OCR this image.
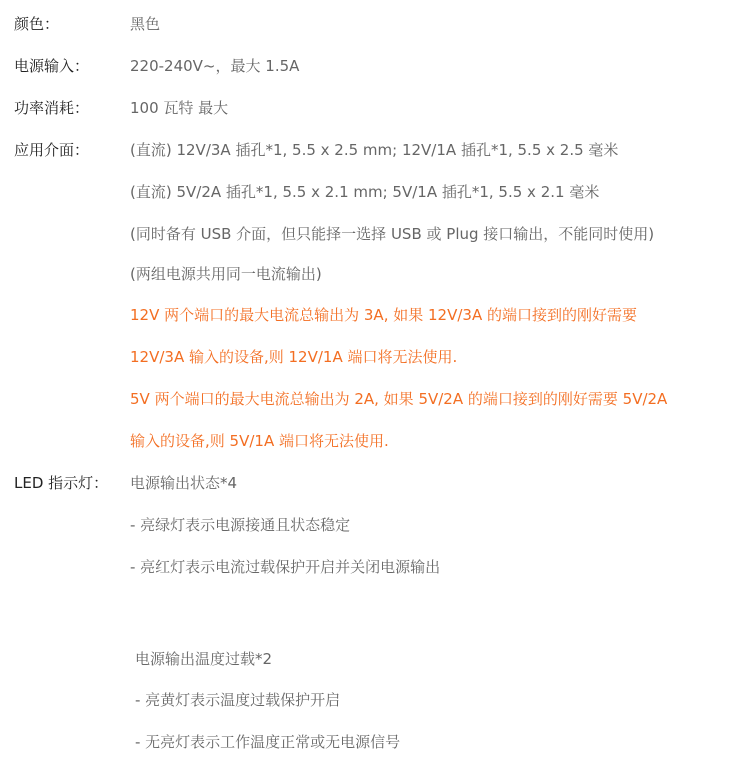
颜色：	黑色
电源输入：	220-240V~，最大 1.5A
功率消耗：	100 瓦特 最大
应用介面：	(直流) 12V/3A 插孔*1, 5.5 x 2.5 mm; 12V/1A 插孔*1, 5.5 x 2.5 毫米
(直流) 5V/2A 插孔*1, 5.5 x 2.1 mm; 5V/1A 插孔*1, 5.5 x 2.1 毫米
(同时备有 USB 介面，但只能择一选择 USB 或 Plug 接口输出，不能同时使用)
(两组电源共用同一电流输出)
12V 两个端口的最大电流总输出为 3A, 如果 12V/3A 的端口接到的刚好需要
12V/3A 输入的设备,则 12V/1A 端口将无法使用.
5V 两个端口的最大电流总输出为 2A, 如果 5V/2A 的端口接到的刚好需要 5V/2A
输入的设备,则 5V/1A 端口将无法使用.
LED 指示灯： 电源输出状态*4
- 亮绿灯表示电源接通且状态稳定
- 亮红灯表示电流过载保护开启并关闭电源输出
电源输出温度过载*2
- 亮黄灯表示温度过载保护开启
- 无亮灯表示工作温度正常或无电源信号
